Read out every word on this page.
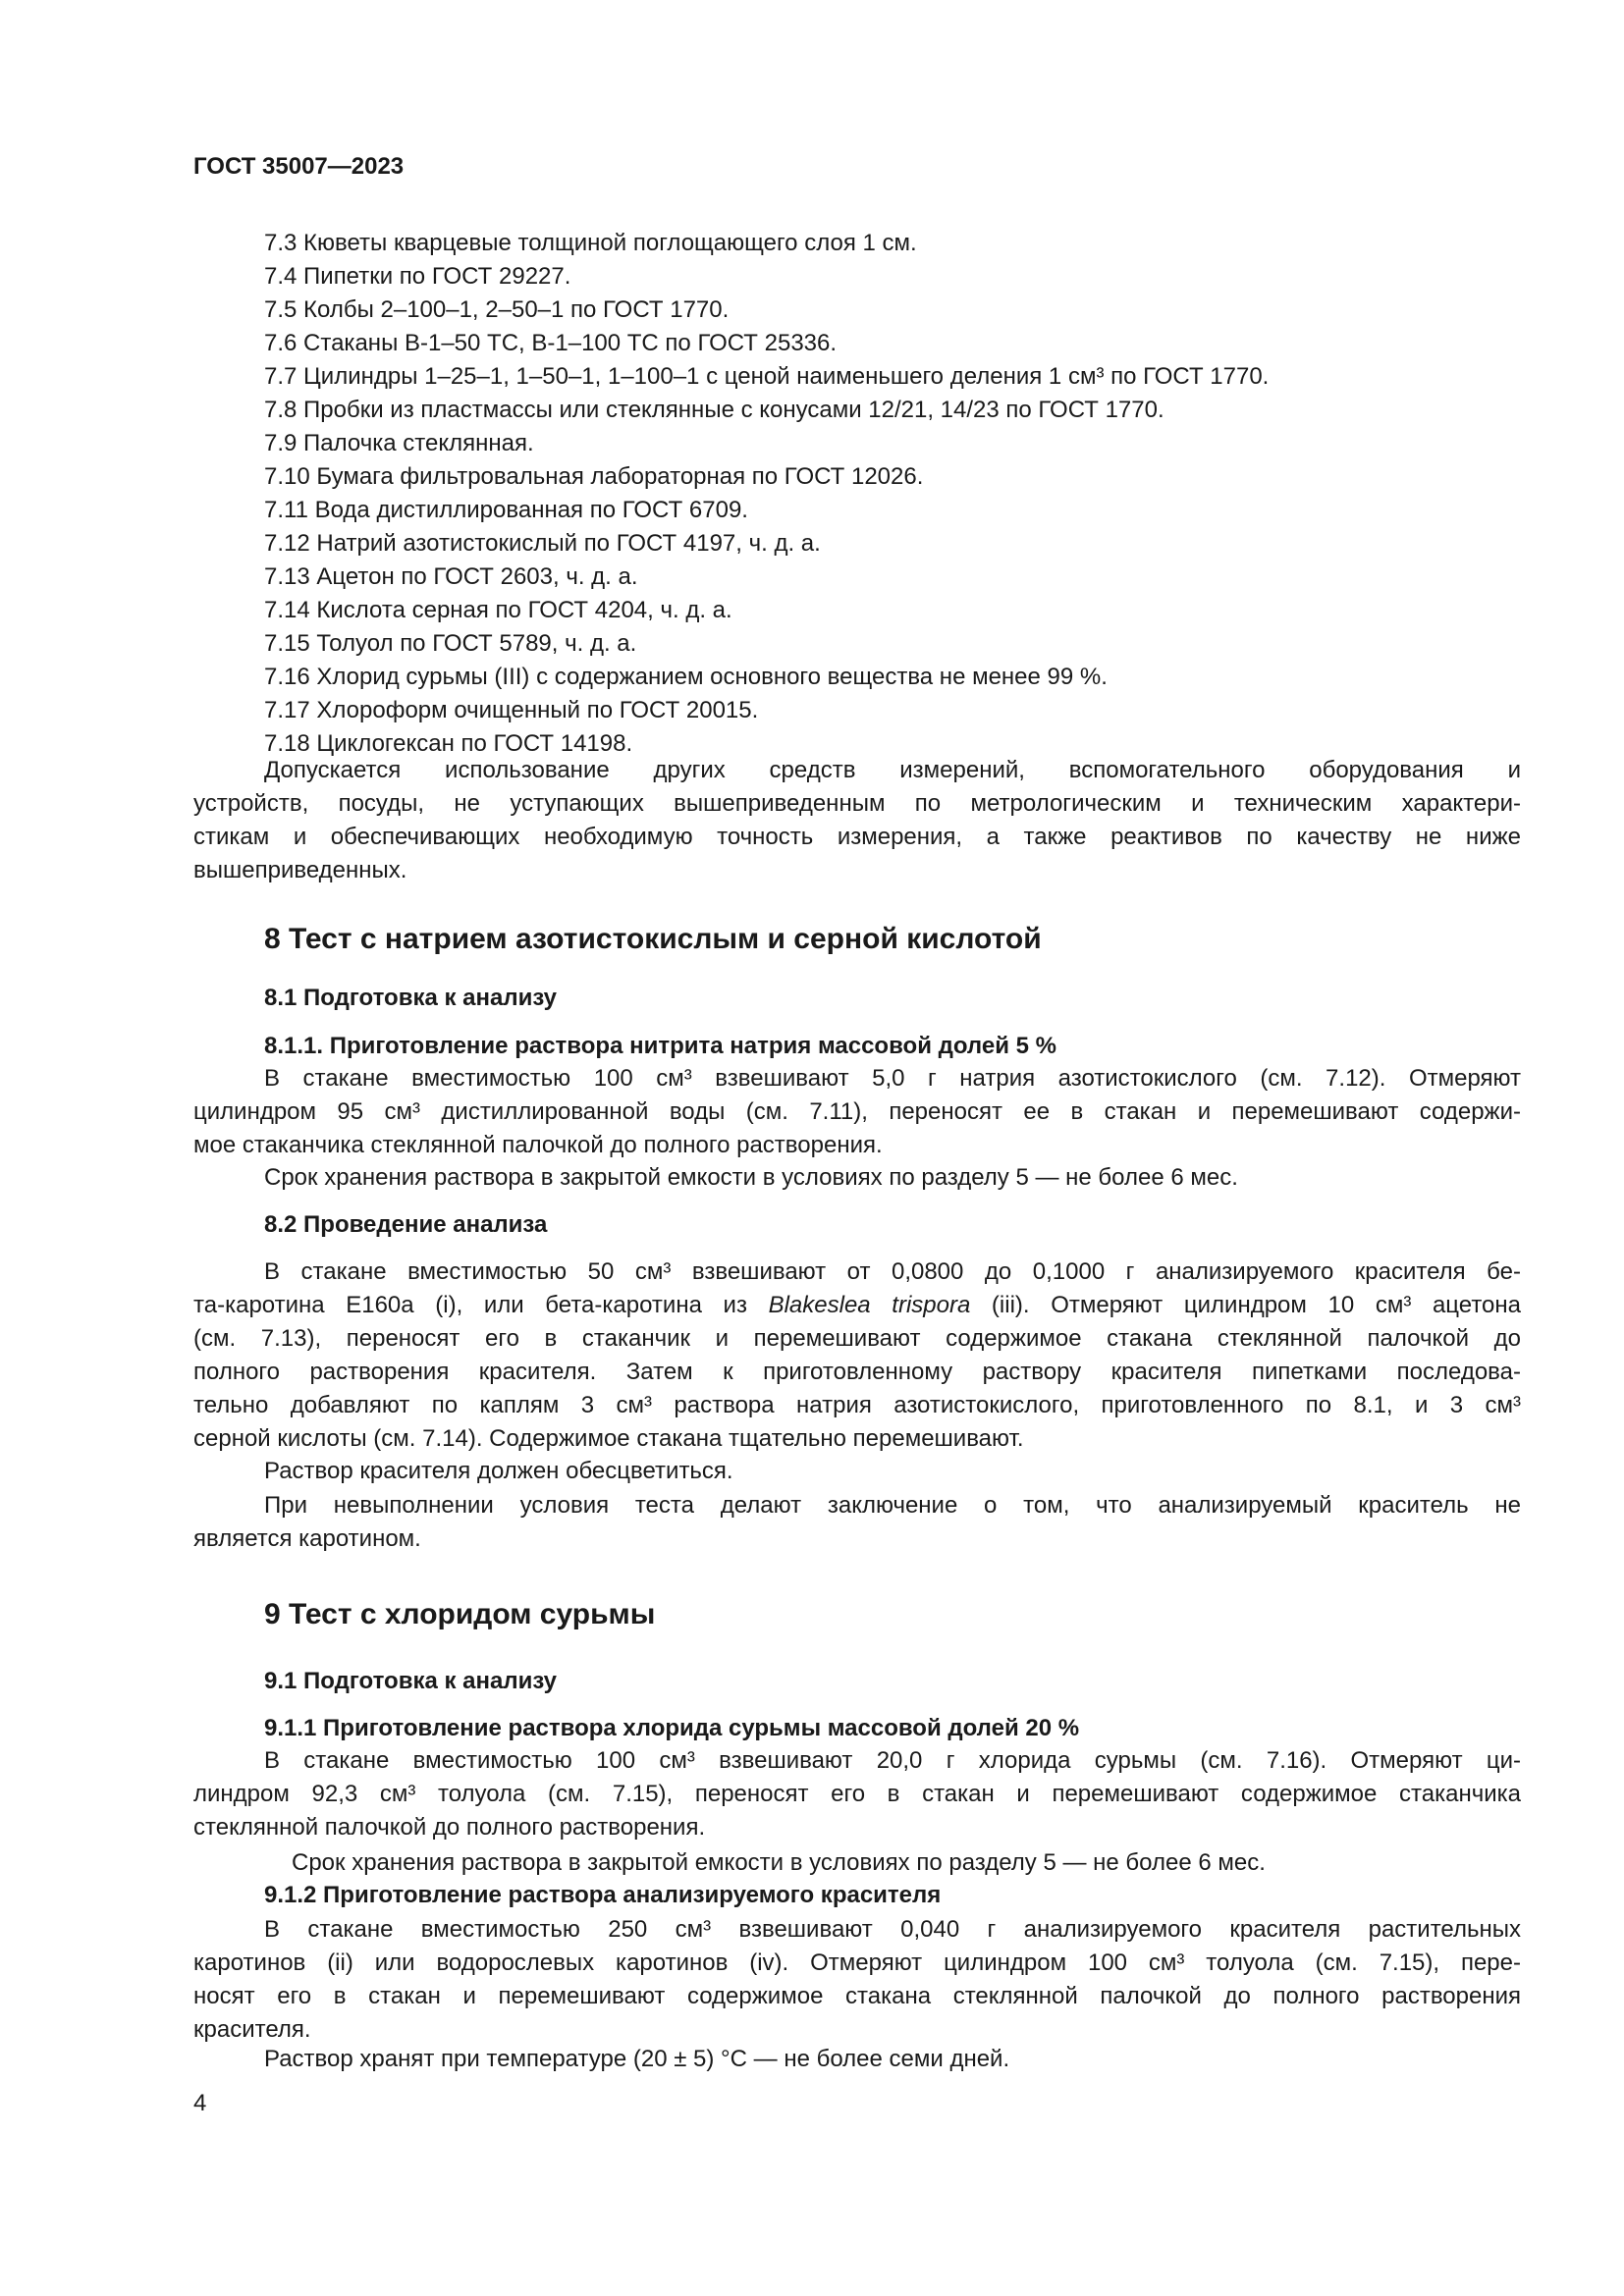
ГОСТ 35007—2023
7.3 Кюветы кварцевые толщиной поглощающего слоя 1 см.
7.4 Пипетки по ГОСТ 29227.
7.5 Колбы 2–100–1, 2–50–1 по ГОСТ 1770.
7.6 Стаканы В-1–50 ТС, В-1–100 ТС по ГОСТ 25336.
7.7 Цилиндры 1–25–1, 1–50–1, 1–100–1 с ценой наименьшего деления 1 см³ по ГОСТ 1770.
7.8 Пробки из пластмассы или стеклянные с конусами 12/21, 14/23 по ГОСТ 1770.
7.9 Палочка стеклянная.
7.10 Бумага фильтровальная лабораторная по ГОСТ 12026.
7.11 Вода дистиллированная по ГОСТ 6709.
7.12 Натрий азотистокислый по ГОСТ 4197, ч. д. а.
7.13 Ацетон по ГОСТ 2603, ч. д. а.
7.14 Кислота серная по ГОСТ 4204, ч. д. а.
7.15 Толуол по ГОСТ 5789, ч. д. а.
7.16 Хлорид сурьмы (III) с содержанием основного вещества не менее 99 %.
7.17 Хлороформ очищенный по ГОСТ 20015.
7.18 Циклогексан по ГОСТ 14198.
Допускается использование других средств измерений, вспомогательного оборудования и
устройств, посуды, не уступающих вышеприведенным по метрологическим и техническим характери-
стикам и обеспечивающих необходимую точность измерения, а также реактивов по качеству не ниже
вышеприведенных.
8 Тест с натрием азотистокислым и серной кислотой
8.1 Подготовка к анализу
8.1.1. Приготовление раствора нитрита натрия массовой долей 5 %
В стакане вместимостью 100 см³ взвешивают 5,0 г натрия азотистокислого (см. 7.12). Отмеряют
цилиндром 95 см³ дистиллированной воды (см. 7.11), переносят ее в стакан и перемешивают содержи-
мое стаканчика стеклянной палочкой до полного растворения.
Срок хранения раствора в закрытой емкости в условиях по разделу 5 — не более 6 мес.
8.2 Проведение анализа
В стакане вместимостью 50 см³ взвешивают от 0,0800 до 0,1000 г анализируемого красителя бе-
та-каротина E160a (i), или бета-каротина из Blakeslea trispora (iii). Отмеряют цилиндром 10 см³ ацетона
(см. 7.13), переносят его в стаканчик и перемешивают содержимое стакана стеклянной палочкой до
полного растворения красителя. Затем к приготовленному раствору красителя пипетками последова-
тельно добавляют по каплям 3 см³ раствора натрия азотистокислого, приготовленного по 8.1, и 3 см³
серной кислоты (см. 7.14). Содержимое стакана тщательно перемешивают.
Раствор красителя должен обесцветиться.
При невыполнении условия теста делают заключение о том, что анализируемый краситель не
является каротином.
9 Тест с хлоридом сурьмы
9.1 Подготовка к анализу
9.1.1 Приготовление раствора хлорида сурьмы массовой долей 20 %
В стакане вместимостью 100 см³ взвешивают 20,0 г хлорида сурьмы (см. 7.16). Отмеряют ци-
линдром 92,3 см³ толуола (см. 7.15), переносят его в стакан и перемешивают содержимое стаканчика
стеклянной палочкой до полного растворения.
Срок хранения раствора в закрытой емкости в условиях по разделу 5 — не более 6 мес.
9.1.2 Приготовление раствора анализируемого красителя
В стакане вместимостью 250 см³ взвешивают 0,040 г анализируемого красителя растительных
каротинов (ii) или водорослевых каротинов (iv). Отмеряют цилиндром 100 см³ толуола (см. 7.15), пере-
носят его в стакан и перемешивают содержимое стакана стеклянной палочкой до полного растворения
красителя.
Раствор хранят при температуре (20 ± 5) °С — не более семи дней.
4
